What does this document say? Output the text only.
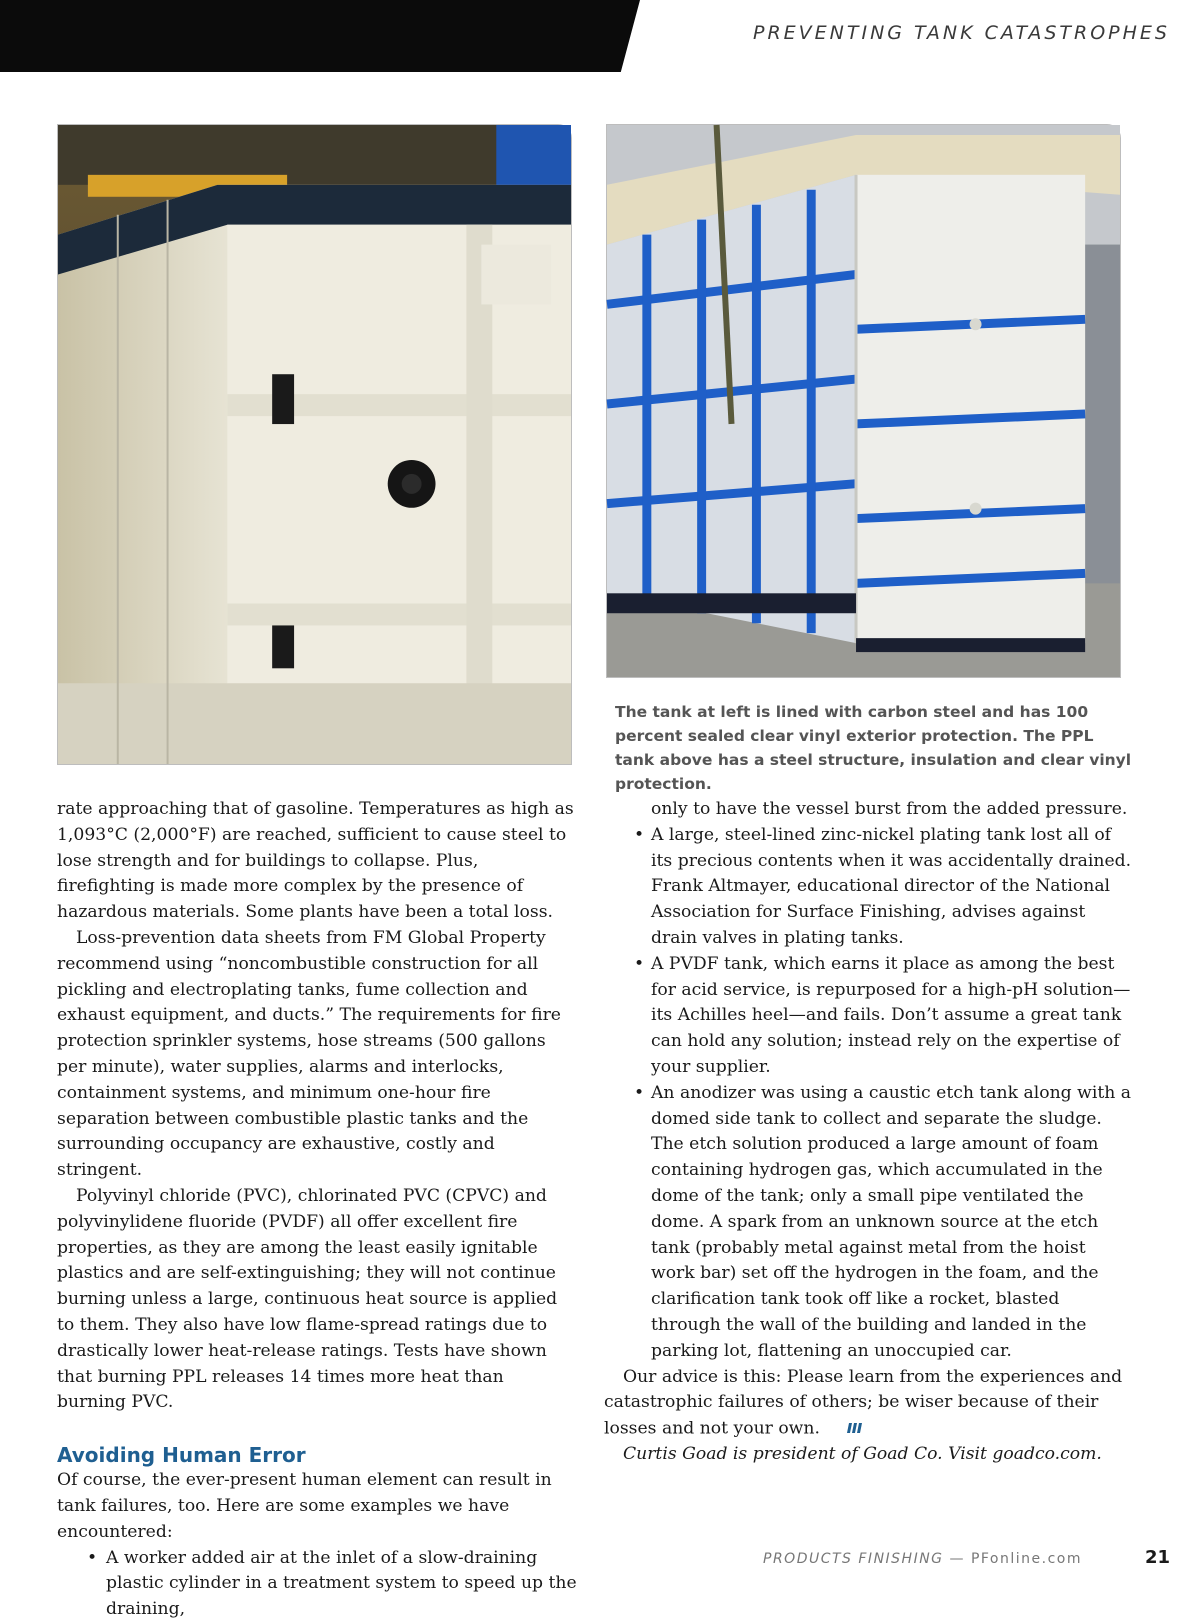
PREVENTING TANK CATASTROPHES
The tank at left is lined with carbon steel and has 100 percent sealed clear vinyl exterior protection. The PPL tank above has a steel structure, insulation and clear vinyl protection.

rate approaching that of gasoline. Temperatures as high as 1,093°C (2,000°F) are reached, sufficient to cause steel to lose strength and for buildings to collapse. Plus, firefighting is made more complex by the presence of hazardous materials. Some plants have been a total loss.

Loss-prevention data sheets from FM Global Property recommend using “noncombustible construction for all pickling and electroplating tanks, fume collection and exhaust equipment, and ducts.” The requirements for fire protection sprinkler systems, hose streams (500 gallons per minute), water supplies, alarms and interlocks, containment systems, and minimum one-hour fire separation between combustible plastic tanks and the surrounding occupancy are exhaustive, costly and stringent.

Polyvinyl chloride (PVC), chlorinated PVC (CPVC) and polyvinylidene fluoride (PVDF) all offer excellent fire properties, as they are among the least easily ignitable plastics and are self-extinguishing; they will not continue burning unless a large, continuous heat source is applied to them. They also have low flame-spread ratings due to drastically lower heat-release ratings. Tests have shown that burning PPL releases 14 times more heat than burning PVC.

Avoiding Human Error

Of course, the ever-present human element can result in tank failures, too. Here are some examples we have encountered:

• A worker added air at the inlet of a slow-draining plastic cylinder in a treatment system to speed up the draining,

only to have the vessel burst from the added pressure.

• A large, steel-lined zinc-nickel plating tank lost all of its precious contents when it was accidentally drained. Frank Altmayer, educational director of the National Association for Surface Finishing, advises against drain valves in plating tanks.
• A PVDF tank, which earns it place as among the best for acid service, is repurposed for a high-pH solution—its Achilles heel—and fails. Don’t assume a great tank can hold any solution; instead rely on the expertise of your supplier.
• An anodizer was using a caustic etch tank along with a domed side tank to collect and separate the sludge. The etch solution produced a large amount of foam containing hydrogen gas, which accumulated in the dome of the tank; only a small pipe ventilated the dome. A spark from an unknown source at the etch tank (probably metal against metal from the hoist work bar) set off the hydrogen in the foam, and the clarification tank took off like a rocket, blasted through the wall of the building and landed in the parking lot, flattening an unoccupied car.

Our advice is this: Please learn from the experiences and catastrophic failures of others; be wiser because of their losses and not your own.

Curtis Goad is president of Goad Co. Visit goadco.com.

PRODUCTS FINISHING — PFonline.com	21
